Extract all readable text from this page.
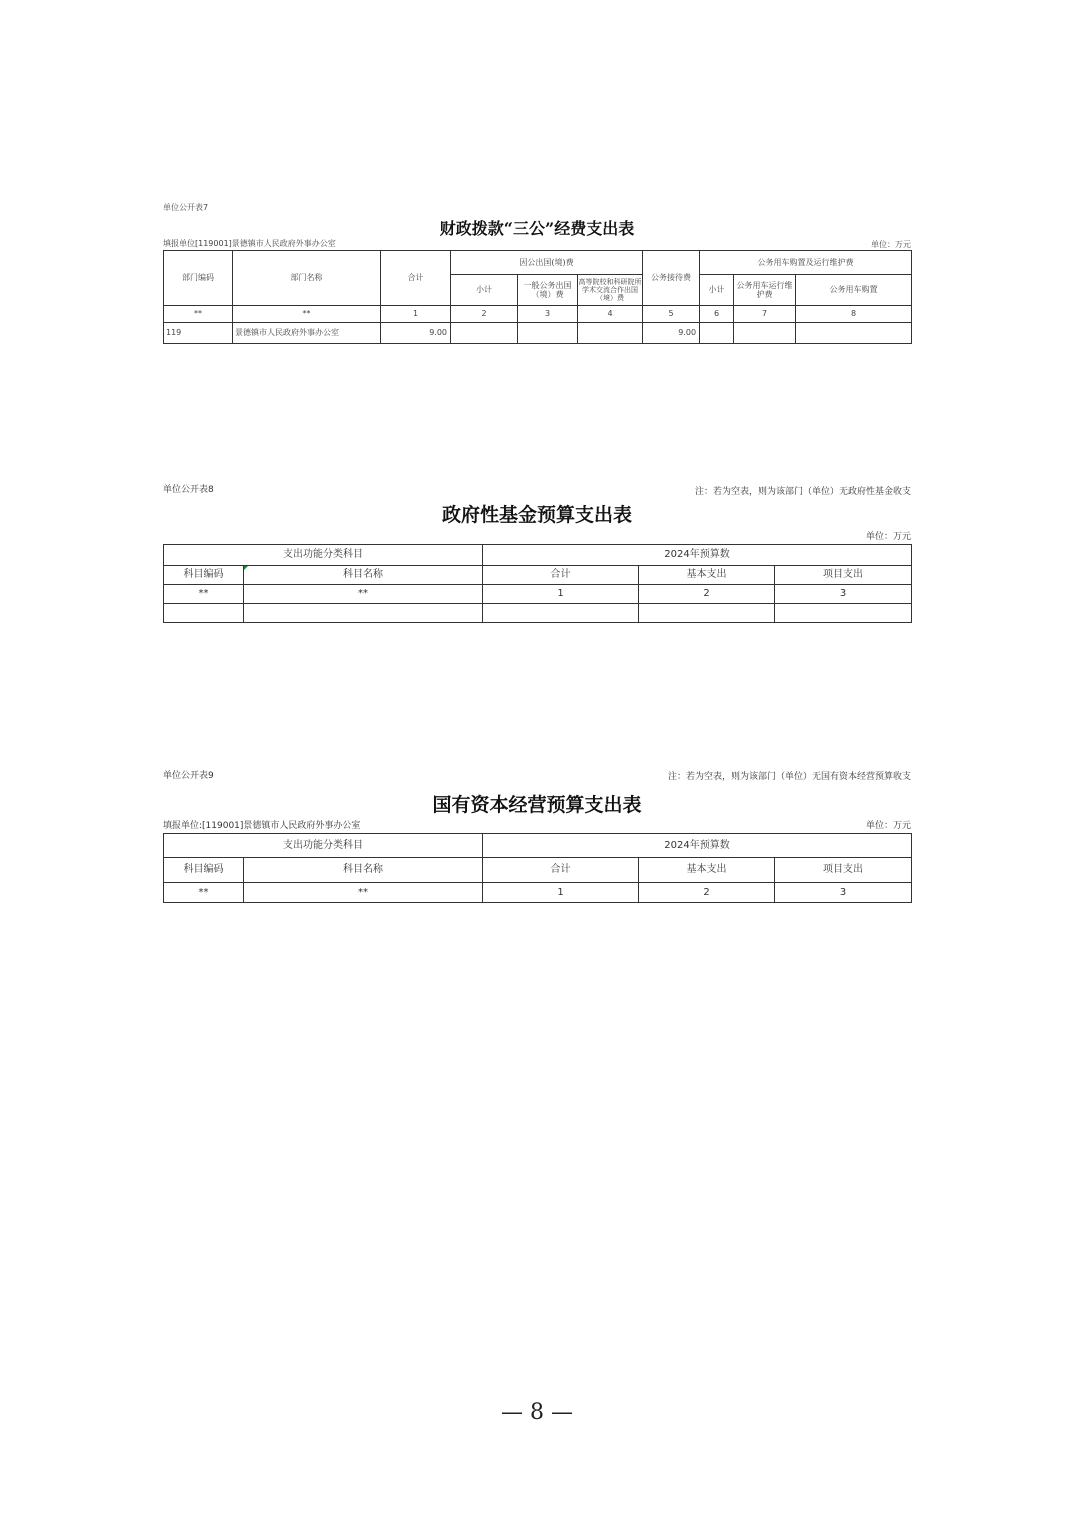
单位公开表7
财政拨款“三公”经费支出表
填报单位[119001]景德镇市人民政府外事办公室	单位：万元
部门编码	部门名称	合计	因公出国(境)费			公务接待费	公务用车购置及运行维护费		
			小计	一般公务出国（境）费	高等院校和科研院所学术交流合作出国（境）费		小计	公务用车运行维护费	公务用车购置
**	**	1	2	3	4	5	6	7	8
119	景德镇市人民政府外事办公室	9.00				9.00			
单位公开表8	注：若为空表，则为该部门（单位）无政府性基金收支
政府性基金预算支出表
单位：万元
支出功能分类科目		2024年预算数		
科目编码	科目名称	合计	基本支出	项目支出
**	**	1	2	3

单位公开表9	注：若为空表，则为该部门（单位）无国有资本经营预算收支
国有资本经营预算支出表
填报单位:[119001]景德镇市人民政府外事办公室	单位：万元
支出功能分类科目		2024年预算数		
科目编码	科目名称	合计	基本支出	项目支出
**	**	1	2	3
— 8 —
